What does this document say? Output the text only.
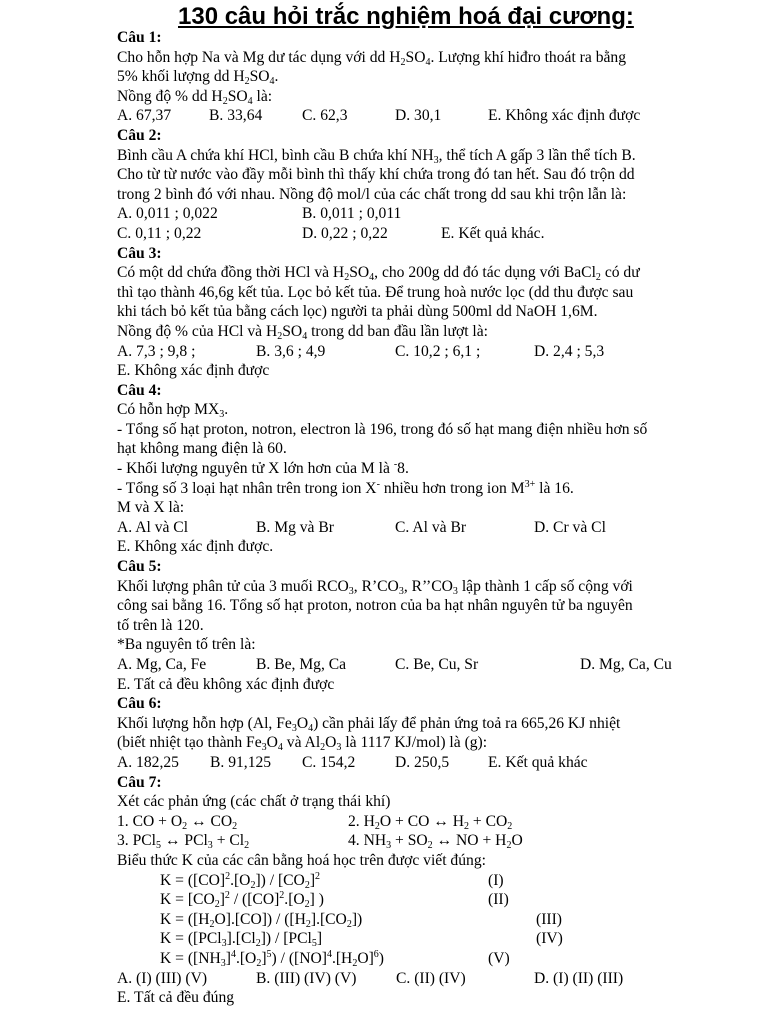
130 câu hỏi trắc nghiệm hoá đại cương:
Câu 1:
Cho hỗn hợp Na và Mg dư tác dụng với dd $H_2SO_4$. Lượng khí hiđro thoát ra bằng
5% khối lượng dd $H_2SO_4$.
Nồng độ % dd $H_2SO_4$ là:
A. 67,37	B. 33,64	C. 62,3	D. 30,1	E. Không xác định được
Câu 2:
Bình cầu A chứa khí HCl, bình cầu B chứa khí $NH_3$, thể tích A gấp 3 lần thể tích B.
Cho từ từ nước vào đầy mỗi bình thì thấy khí chứa trong đó tan hết. Sau đó trộn dd
trong 2 bình đó với nhau. Nồng độ mol/l của các chất trong dd sau khi trộn lẫn là:
A. 0,011 ; 0,022	B. 0,011 ; 0,011
C. 0,11 ; 0,22	D. 0,22 ; 0,22	E. Kết quả khác.
Câu 3:
Có một dd chứa đồng thời HCl và $H_2SO_4$, cho 200g dd đó tác dụng với BaCl$_2$ có dư
thì tạo thành 46,6g kết tủa. Lọc bỏ kết tủa. Để trung hoà nước lọc (dd thu được sau
khi tách bỏ kết tủa bằng cách lọc) người ta phải dùng 500ml dd NaOH 1,6M.
Nồng độ % của HCl và $H_2SO_4$ trong dd ban đầu lần lượt là:
A. 7,3 ; 9,8 ;	B. 3,6 ; 4,9	C. 10,2 ; 6,1 ;	D. 2,4 ; 5,3
E. Không xác định được
Câu 4:
Có hỗn hợp $MX_3$.
- Tổng số hạt proton, notron, electron là 196, trong đó số hạt mang điện nhiều hơn số
hạt không mang điện là 60.
- Khối lượng nguyên tử X lớn hơn của M là -8.
- Tổng số 3 loại hạt nhân trên trong ion X- nhiều hơn trong ion $M^{3+}$ là 16.
M và X là:
A. Al và Cl	B. Mg và Br	C. Al và Br	D. Cr và Cl
E. Không xác định được.
Câu 5:
Khối lượng phân tử của 3 muối $RCO_3$, $R’CO_3$, $R’’CO_3$ lập thành 1 cấp số cộng với
công sai bằng 16. Tổng số hạt proton, notron của ba hạt nhân nguyên tử ba nguyên
tố trên là 120.
*Ba nguyên tố trên là:
A. Mg, Ca, Fe	B. Be, Mg, Ca	C. Be, Cu, Sr	D. Mg, Ca, Cu
E. Tất cả đều không xác định được
Câu 6:
Khối lượng hỗn hợp (Al, $Fe_3O_4$) cần phải lấy để phản ứng toả ra 665,26 KJ nhiệt
(biết nhiệt tạo thành $Fe_3O_4$ và $Al_2O_3$ là 1117 KJ/mol) là (g):
A. 182,25	B. 91,125	C. 154,2	D. 250,5	E. Kết quả khác
Câu 7:
Xét các phản ứng (các chất ở trạng thái khí)
1. CO + $O_2$ ↔ $CO_2$	2. $H_2O$ + CO ↔ $H_2 + CO_2$
3. PCl$_5$ ↔ $PCl_3 + Cl_2$	4. $NH_3 + SO_2$ ↔ NO + $H_2O$
Biểu thức K của các cân bằng hoá học trên được viết đúng:
$K = ([CO]^2.[O_2]) / [CO_2]^2$	(I)
$K = [CO_2]^2 / ([CO]^2.[O_2]$ )	(II)
$K = ([H_2O].[CO]) / ([H_2].[CO_2])$	(III)
$K = ([PCl_3].[Cl_2]) / [PCl_5]$	(IV)
$K = ([NH_3]^4.[O_2]^5) / ([NO]^4.[H_2O]^6)$	(V)
A. (I) (III) (V)	B. (III) (IV) (V)	C. (II) (IV)	D. (I) (II) (III)
E. Tất cả đều đúng
